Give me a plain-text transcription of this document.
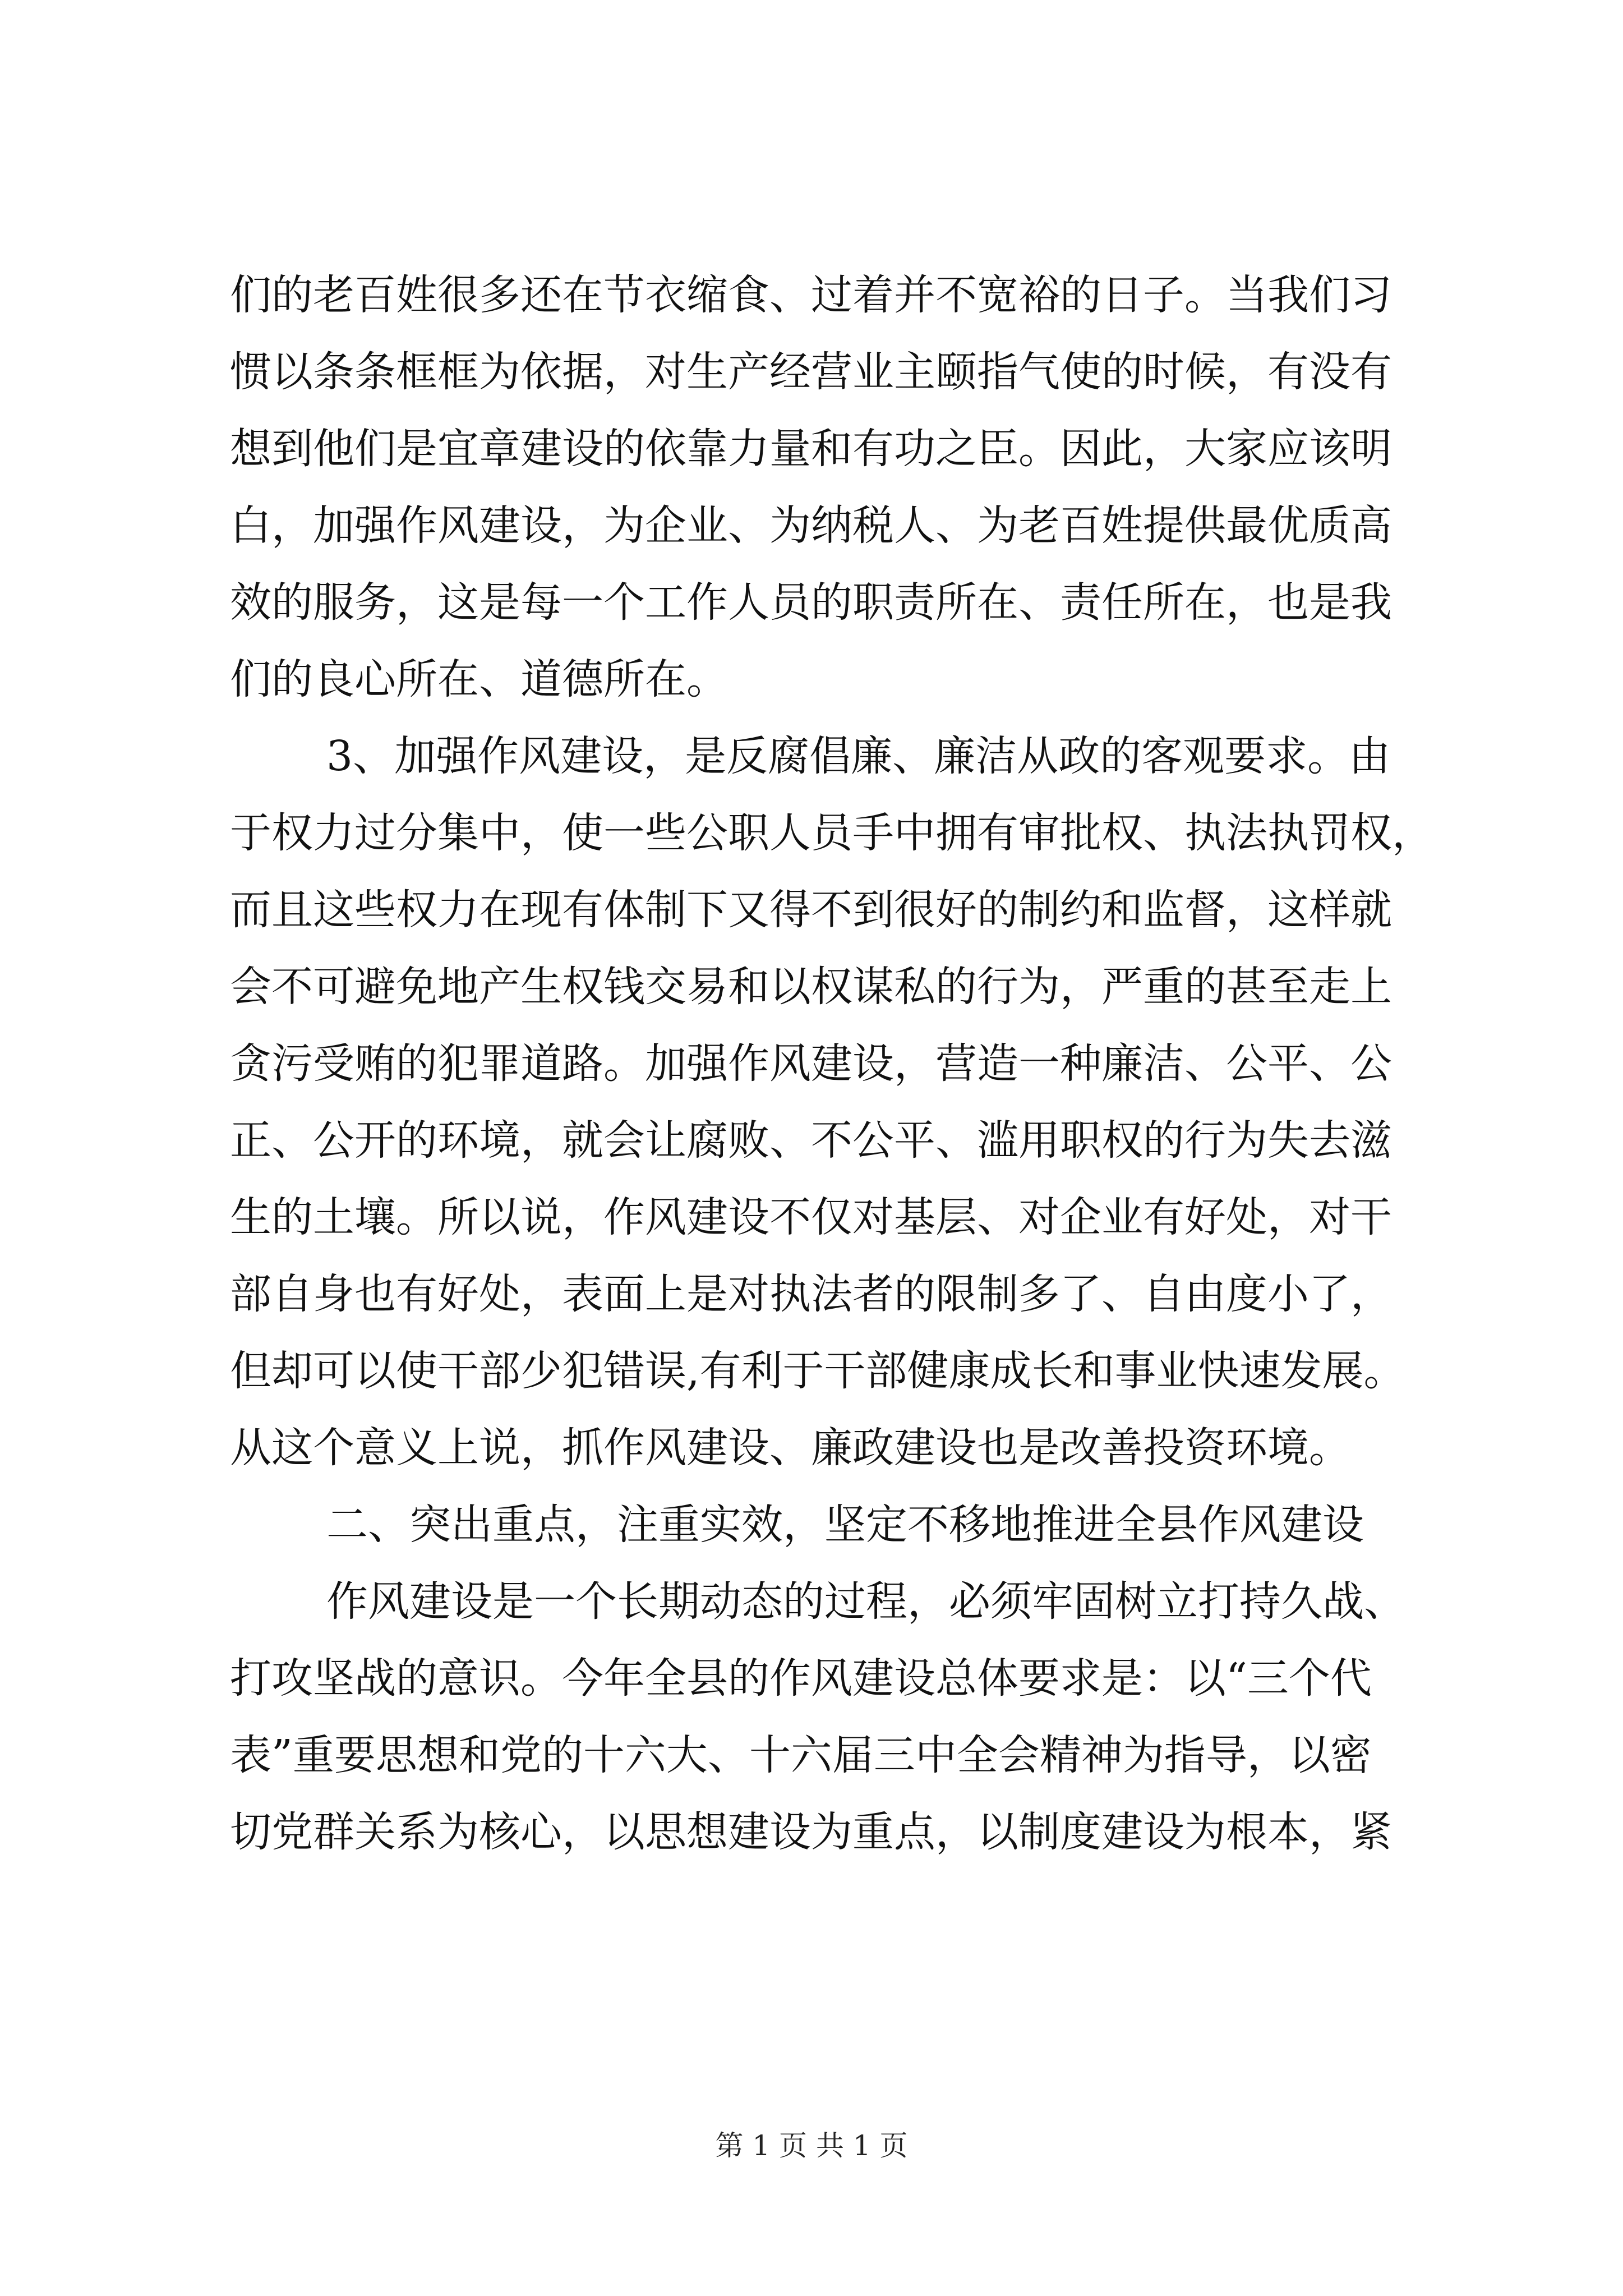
们的老百姓很多还在节衣缩食、过着并不宽裕的日子。当我们习
惯以条条框框为依据，对生产经营业主颐指气使的时候，有没有
想到他们是宜章建设的依靠力量和有功之臣。因此，大家应该明
白，加强作风建设，为企业、为纳税人、为老百姓提供最优质高
效的服务，这是每一个工作人员的职责所在、责任所在，也是我
们的良心所在、道德所在。
3、加强作风建设，是反腐倡廉、廉洁从政的客观要求。由
于权力过分集中，使一些公职人员手中拥有审批权、执法执罚权，
而且这些权力在现有体制下又得不到很好的制约和监督，这样就
会不可避免地产生权钱交易和以权谋私的行为，严重的甚至走上
贪污受贿的犯罪道路。加强作风建设，营造一种廉洁、公平、公
正、公开的环境，就会让腐败、不公平、滥用职权的行为失去滋
生的土壤。所以说，作风建设不仅对基层、对企业有好处，对干
部自身也有好处，表面上是对执法者的限制多了、自由度小了，
但却可以使干部少犯错误,有利于干部健康成长和事业快速发展。
从这个意义上说，抓作风建设、廉政建设也是改善投资环境。
二、突出重点，注重实效，坚定不移地推进全县作风建设
作风建设是一个长期动态的过程，必须牢固树立打持久战、
打攻坚战的意识。今年全县的作风建设总体要求是：以“三个代
表”重要思想和党的十六大、十六届三中全会精神为指导，以密
切党群关系为核心，以思想建设为重点，以制度建设为根本，紧
第 1 页 共 1 页
